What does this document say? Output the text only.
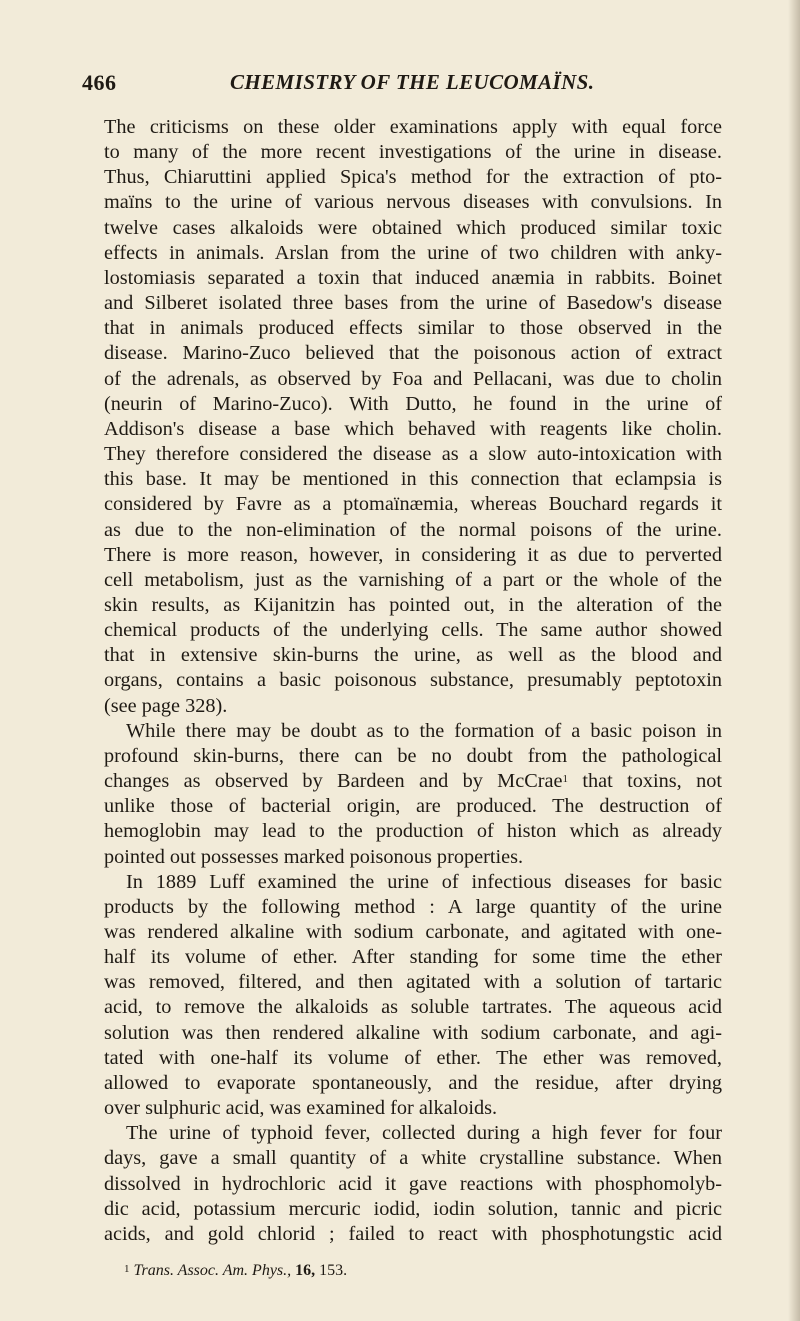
466	CHEMISTRY OF THE LEUCOMAÏNS.

The criticisms on these older examinations apply with equal force
to many of the more recent investigations of the urine in disease.
Thus, Chiaruttini applied Spica's method for the extraction of pto-
maïns to the urine of various nervous diseases with convulsions. In
twelve cases alkaloids were obtained which produced similar toxic
effects in animals. Arslan from the urine of two children with anky-
lostomiasis separated a toxin that induced anæmia in rabbits. Boinet
and Silberet isolated three bases from the urine of Basedow's disease
that in animals produced effects similar to those observed in the
disease. Marino-Zuco believed that the poisonous action of extract
of the adrenals, as observed by Foa and Pellacani, was due to cholin
(neurin of Marino-Zuco). With Dutto, he found in the urine of
Addison's disease a base which behaved with reagents like cholin.
They therefore considered the disease as a slow auto-intoxication with
this base. It may be mentioned in this connection that eclampsia is
considered by Favre as a ptomaïnæmia, whereas Bouchard regards it
as due to the non-elimination of the normal poisons of the urine.
There is more reason, however, in considering it as due to perverted
cell metabolism, just as the varnishing of a part or the whole of the
skin results, as Kijanitzin has pointed out, in the alteration of the
chemical products of the underlying cells. The same author showed
that in extensive skin-burns the urine, as well as the blood and
organs, contains a basic poisonous substance, presumably peptotoxin
(see page 328).

While there may be doubt as to the formation of a basic poison in
profound skin-burns, there can be no doubt from the pathological
changes as observed by Bardeen and by McCrae$^1$ that toxins, not
unlike those of bacterial origin, are produced. The destruction of
hemoglobin may lead to the production of histon which as already
pointed out possesses marked poisonous properties.

In 1889 Luff examined the urine of infectious diseases for basic
products by the following method : A large quantity of the urine
was rendered alkaline with sodium carbonate, and agitated with one-
half its volume of ether. After standing for some time the ether
was removed, filtered, and then agitated with a solution of tartaric
acid, to remove the alkaloids as soluble tartrates. The aqueous acid
solution was then rendered alkaline with sodium carbonate, and agi-
tated with one-half its volume of ether. The ether was removed,
allowed to evaporate spontaneously, and the residue, after drying
over sulphuric acid, was examined for alkaloids.

The urine of typhoid fever, collected during a high fever for four
days, gave a small quantity of a white crystalline substance. When
dissolved in hydrochloric acid it gave reactions with phosphomolyb-
dic acid, potassium mercuric iodid, iodin solution, tannic and picric
acids, and gold chlorid ; failed to react with phosphotungstic acid

$^1$ Trans. Assoc. Am. Phys., 16, 153.
